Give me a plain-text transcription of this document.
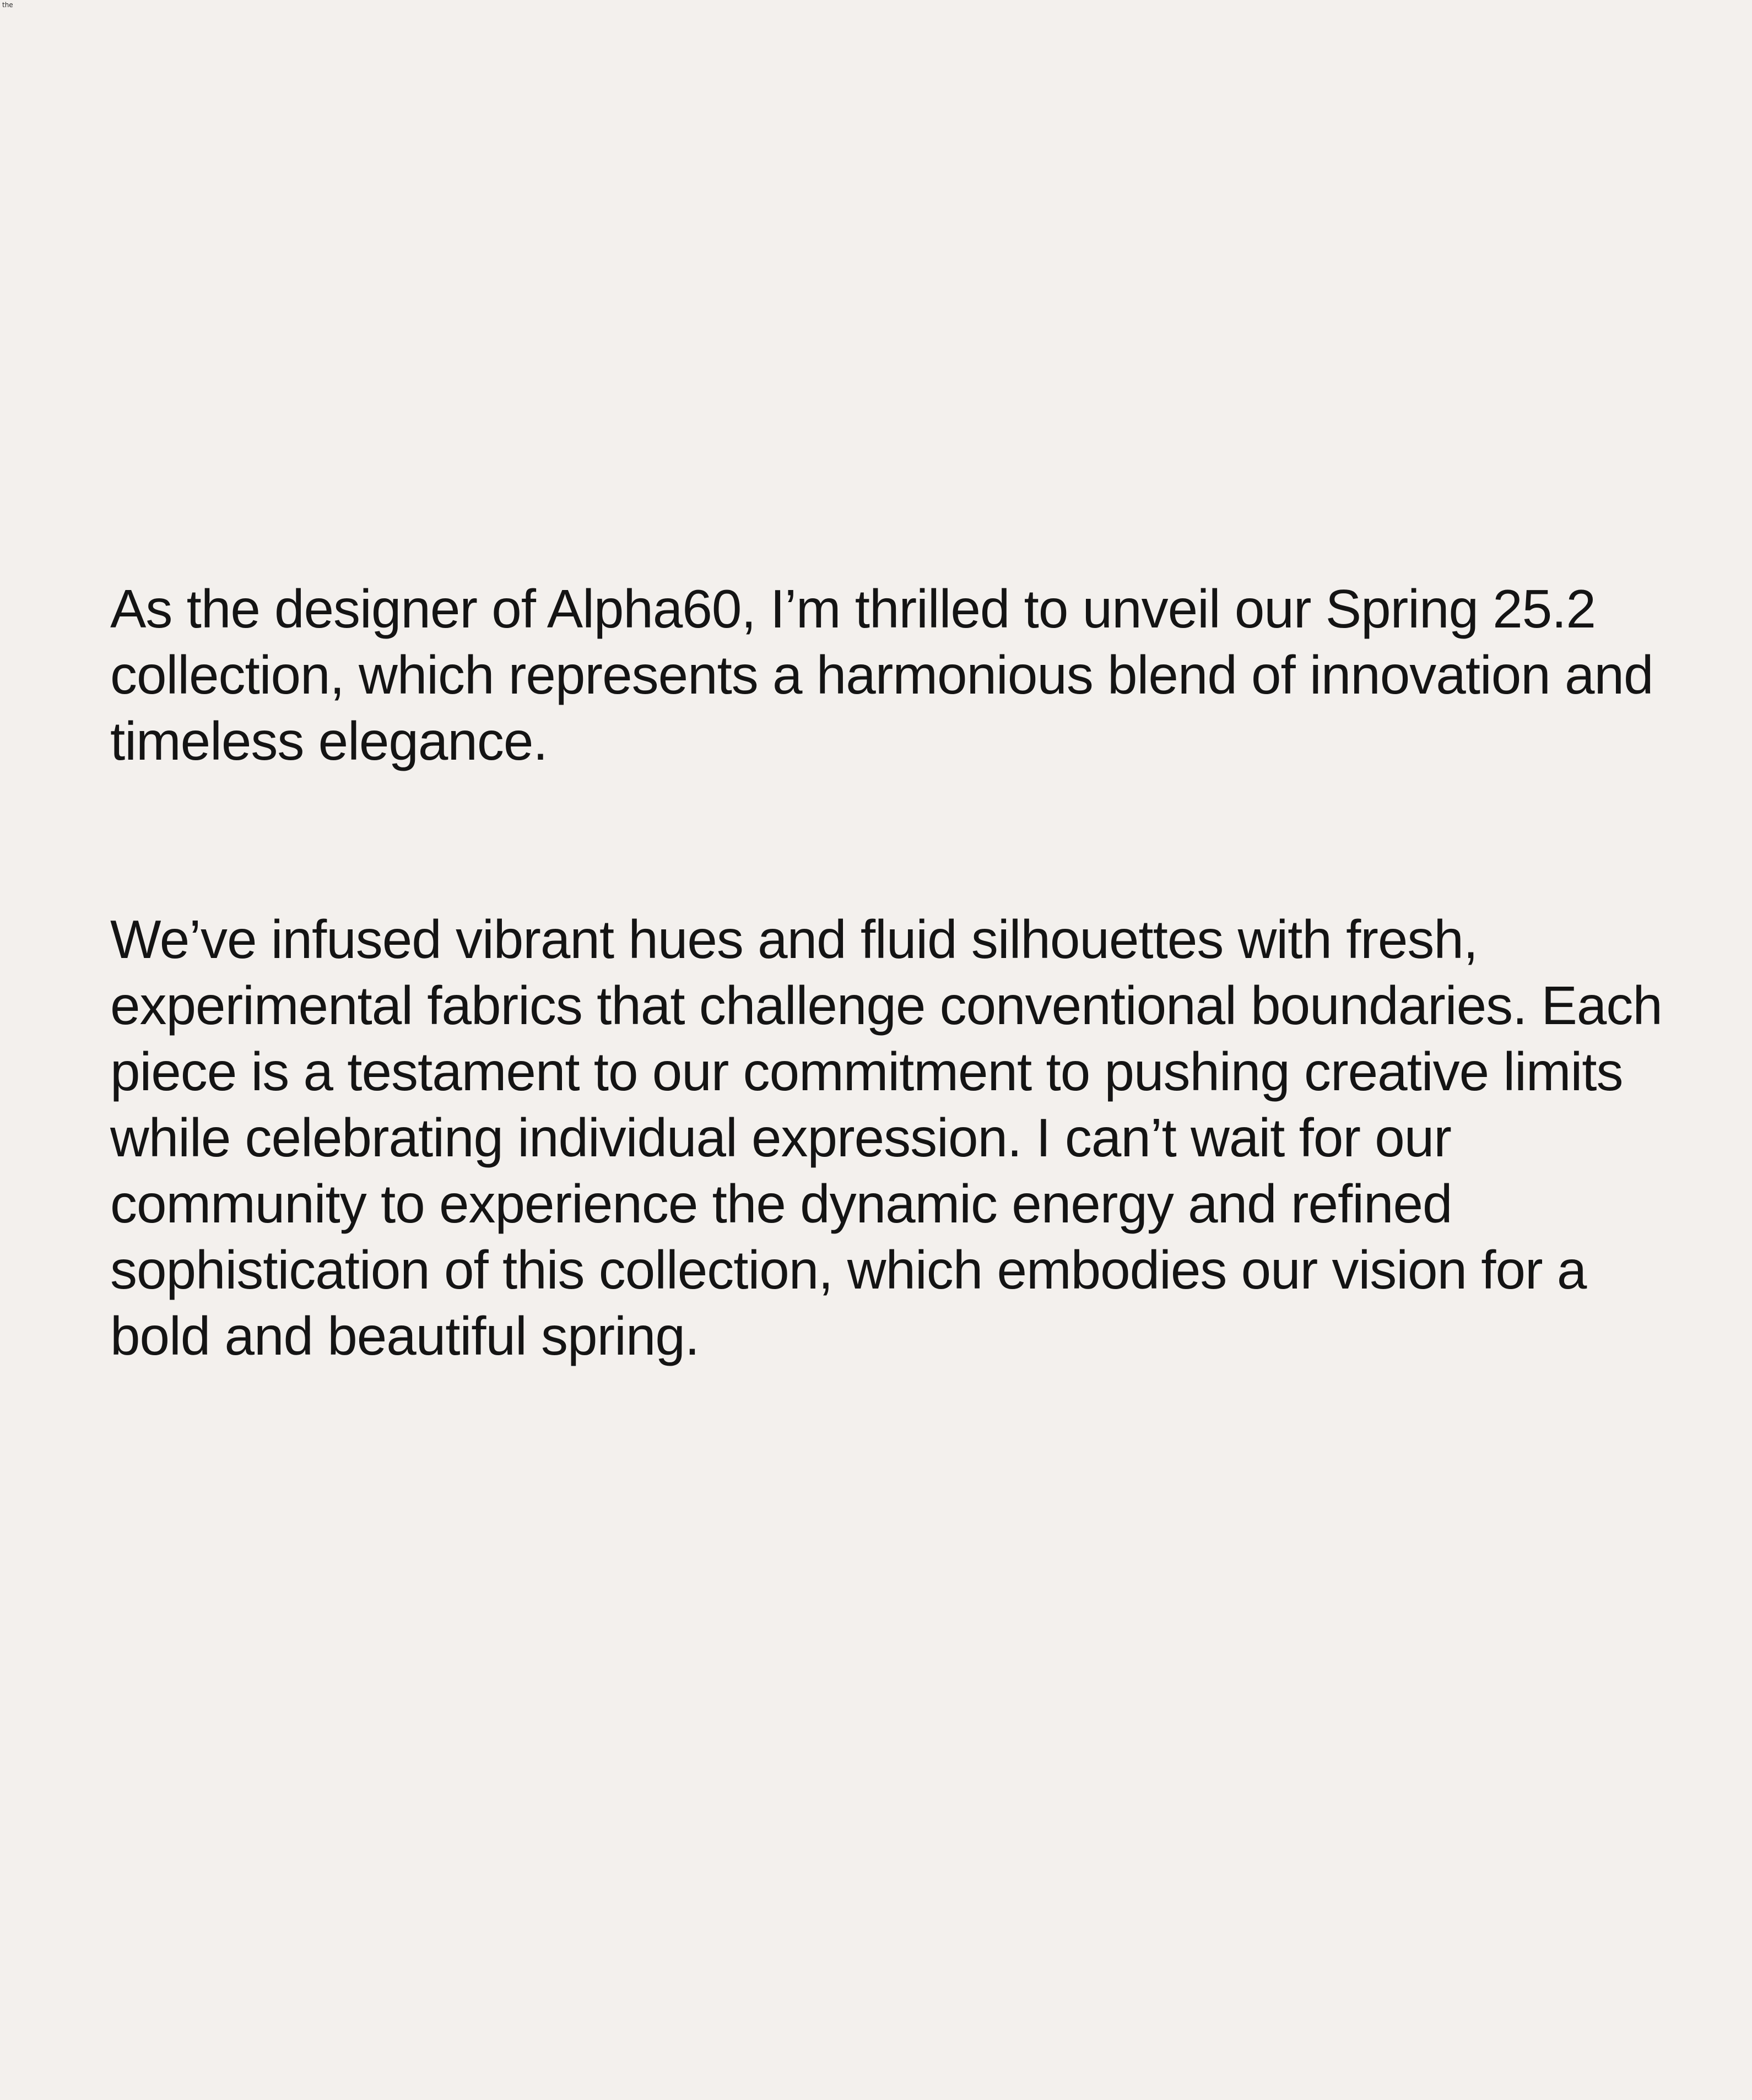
the

As the designer of Alpha60, I’m thrilled to unveil our Spring 25.2 collection, which represents a harmonious blend of innovation and timeless elegance.

We’ve infused vibrant hues and fluid silhouettes with fresh, experimental fabrics that challenge conventional boundaries. Each piece is a testament to our commitment to pushing creative limits while celebrating individual expression. I can’t wait for our community to experience the dynamic energy and refined sophistication of this collection, which embodies our vision for a bold and beautiful spring.
